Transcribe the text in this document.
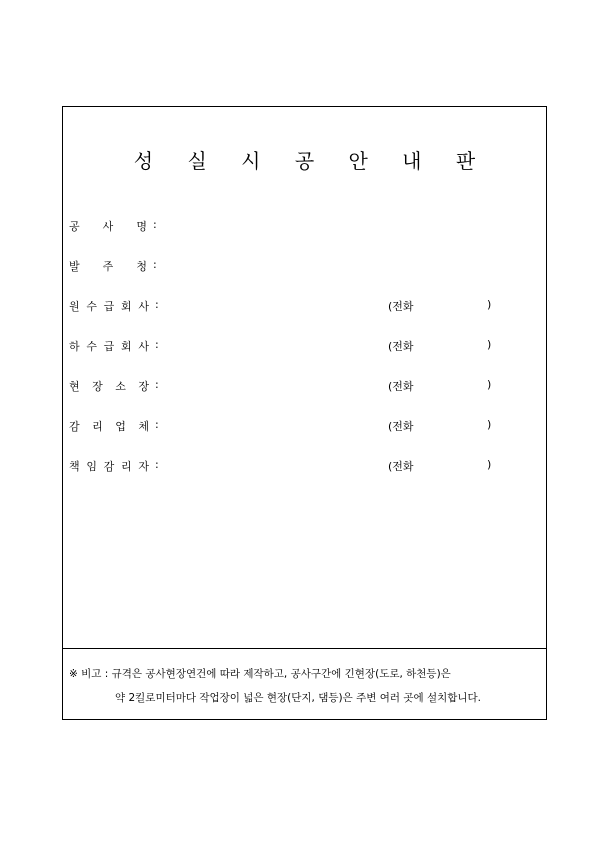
성 실 시 공 안 내 판
공 사 명 :
발 주 청 :
원 수 급 회 사 :	(전화	)
하 수 급 회 사 :	(전화	)
현 장 소 장 :	(전화	)
감 리 업 체 :	(전화	)
책 임 감 리 자 :	(전화	)
※ 비고 : 규격은 공사현장연건에 따라 제작하고, 공사구간에 긴현장(도로, 하천등)은
약 2킬로미터마다 작업장이 넓은 현장(단지, 댐등)은 주변 여러 곳에 설치합니다.
